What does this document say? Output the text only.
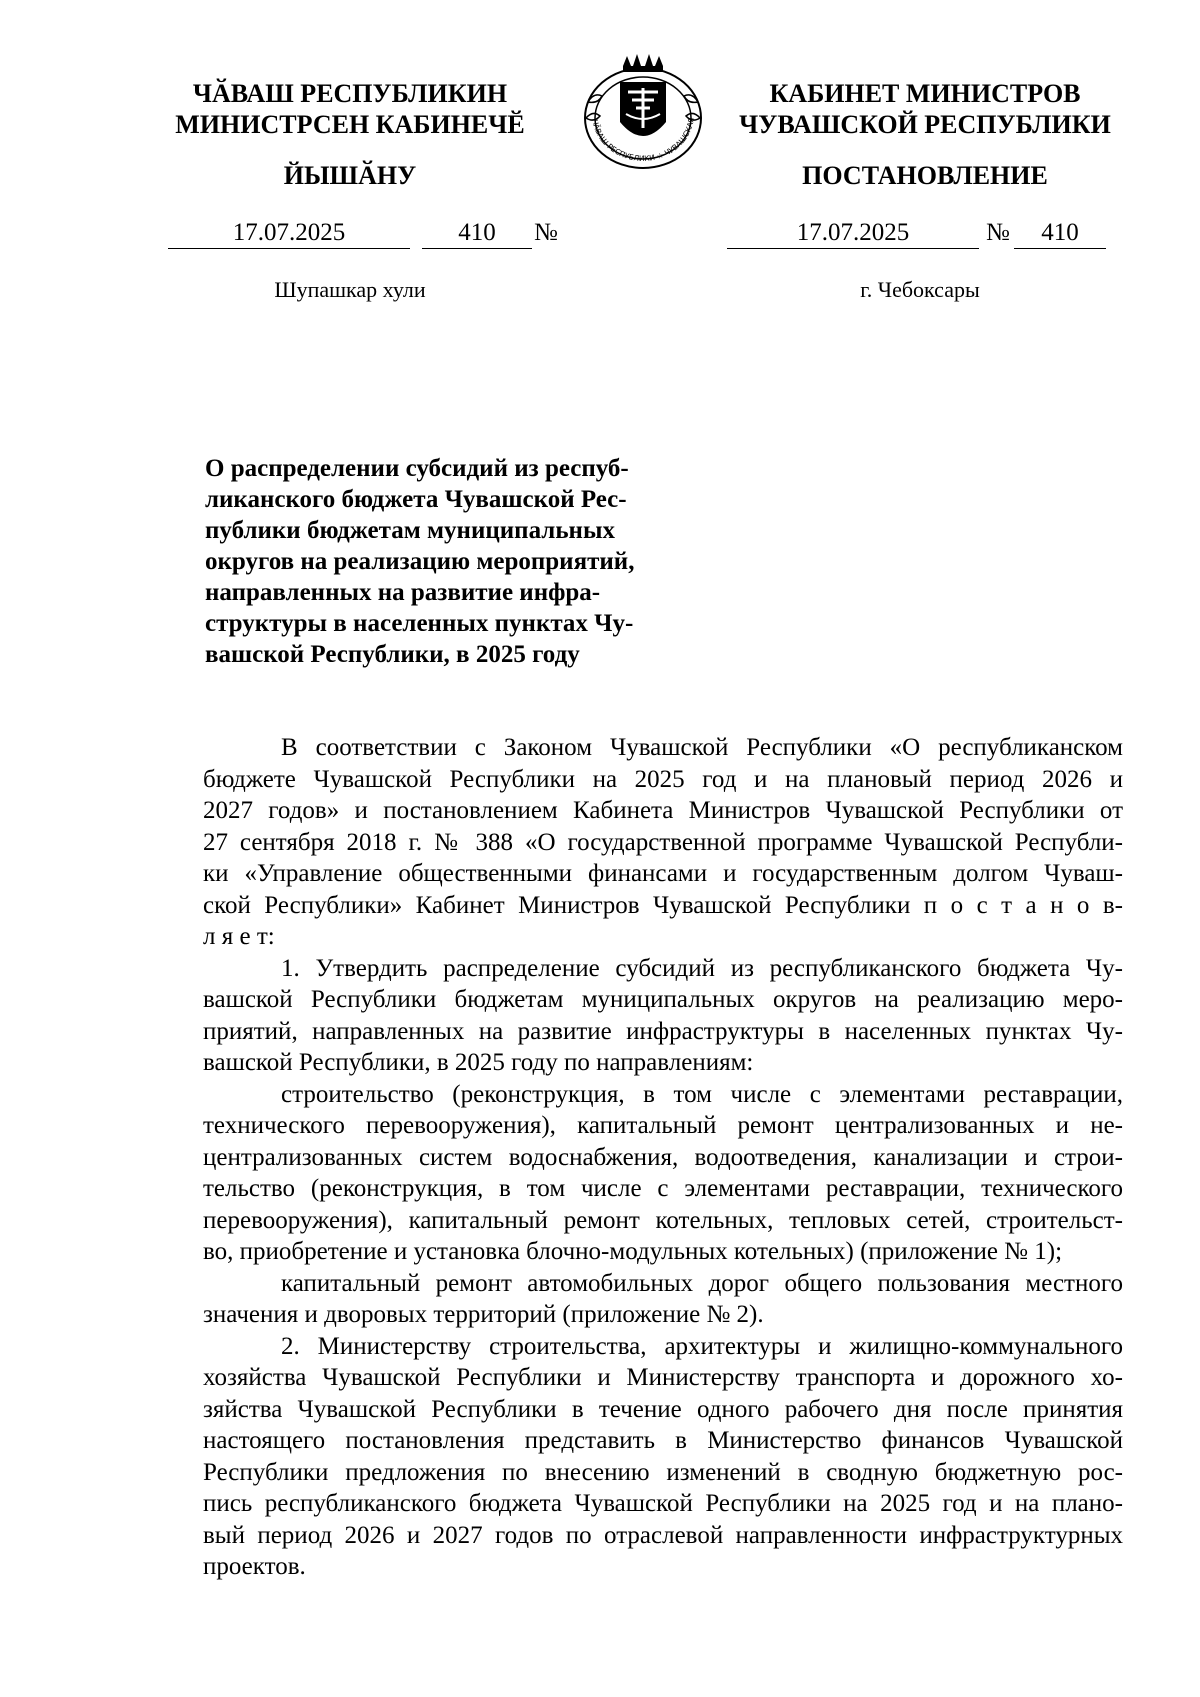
ЧӐВАШ РЕСПУБЛИКИН
МИНИСТРСЕН КАБИНЕЧӖ
ЙЫШӐНУ
ЧӐВАШ РЕСПУБЛИКИ ☆ ЧУВАШСКАЯ
КАБИНЕТ МИНИСТРОВ
ЧУВАШСКОЙ РЕСПУБЛИКИ
ПОСТАНОВЛЕНИЕ
17.07.2025	410	№	17.07.2025	№	410
Шупашкар хули	г. Чебоксары
О распределении субсидий из респуб-
ликанского бюджета Чувашской Рес-
публики бюджетам муниципальных
округов на реализацию мероприятий,
направленных на развитие инфра-
структуры в населенных пунктах Чу-
вашской Республики, в 2025 году
В соответствии с Законом Чувашской Республики «О республиканском
бюджете Чувашской Республики на 2025 год и на плановый период 2026 и
2027 годов» и постановлением Кабинета Министров Чувашской Республики от
27 сентября 2018 г. № 388 «О государственной программе Чувашской Республи-
ки «Управление общественными финансами и государственным долгом Чуваш-
ской Республики» Кабинет Министров Чувашской Республики п о с т а н о в-
л я е т:
1. Утвердить распределение субсидий из республиканского бюджета Чу-
вашской Республики бюджетам муниципальных округов на реализацию меро-
приятий, направленных на развитие инфраструктуры в населенных пунктах Чу-
вашской Республики, в 2025 году по направлениям:
строительство (реконструкция, в том числе с элементами реставрации,
технического перевооружения), капитальный ремонт централизованных и не-
централизованных систем водоснабжения, водоотведения, канализации и строи-
тельство (реконструкция, в том числе с элементами реставрации, технического
перевооружения), капитальный ремонт котельных, тепловых сетей, строительст-
во, приобретение и установка блочно-модульных котельных) (приложение № 1);
капитальный ремонт автомобильных дорог общего пользования местного
значения и дворовых территорий (приложение № 2).
2. Министерству строительства, архитектуры и жилищно-коммунального
хозяйства Чувашской Республики и Министерству транспорта и дорожного хо-
зяйства Чувашской Республики в течение одного рабочего дня после принятия
настоящего постановления представить в Министерство финансов Чувашской
Республики предложения по внесению изменений в сводную бюджетную рос-
пись республиканского бюджета Чувашской Республики на 2025 год и на плано-
вый период 2026 и 2027 годов по отраслевой направленности инфраструктурных
проектов.
